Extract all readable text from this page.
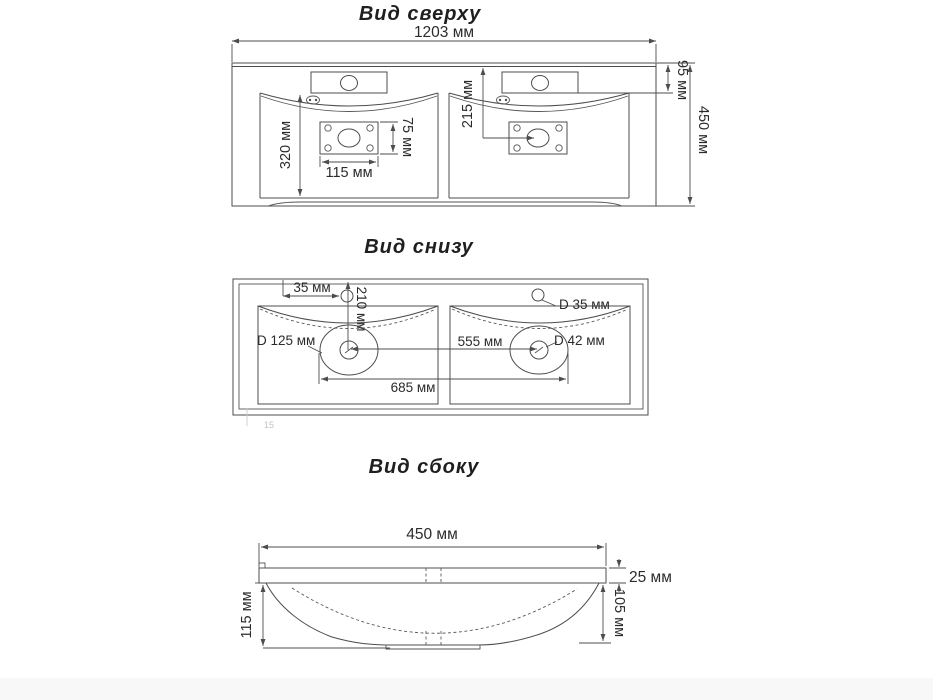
Вид сверху
1203 мм
320 мм
115 мм
75 мм
215 мм	95 мм
450 мм
Вид снизу
35 мм 210 мм
D 125 мм
D 35 мм
555 мм	D 42 мм
685 мм
15
Вид сбоку
450 мм
25 мм
105 мм
115 мм
